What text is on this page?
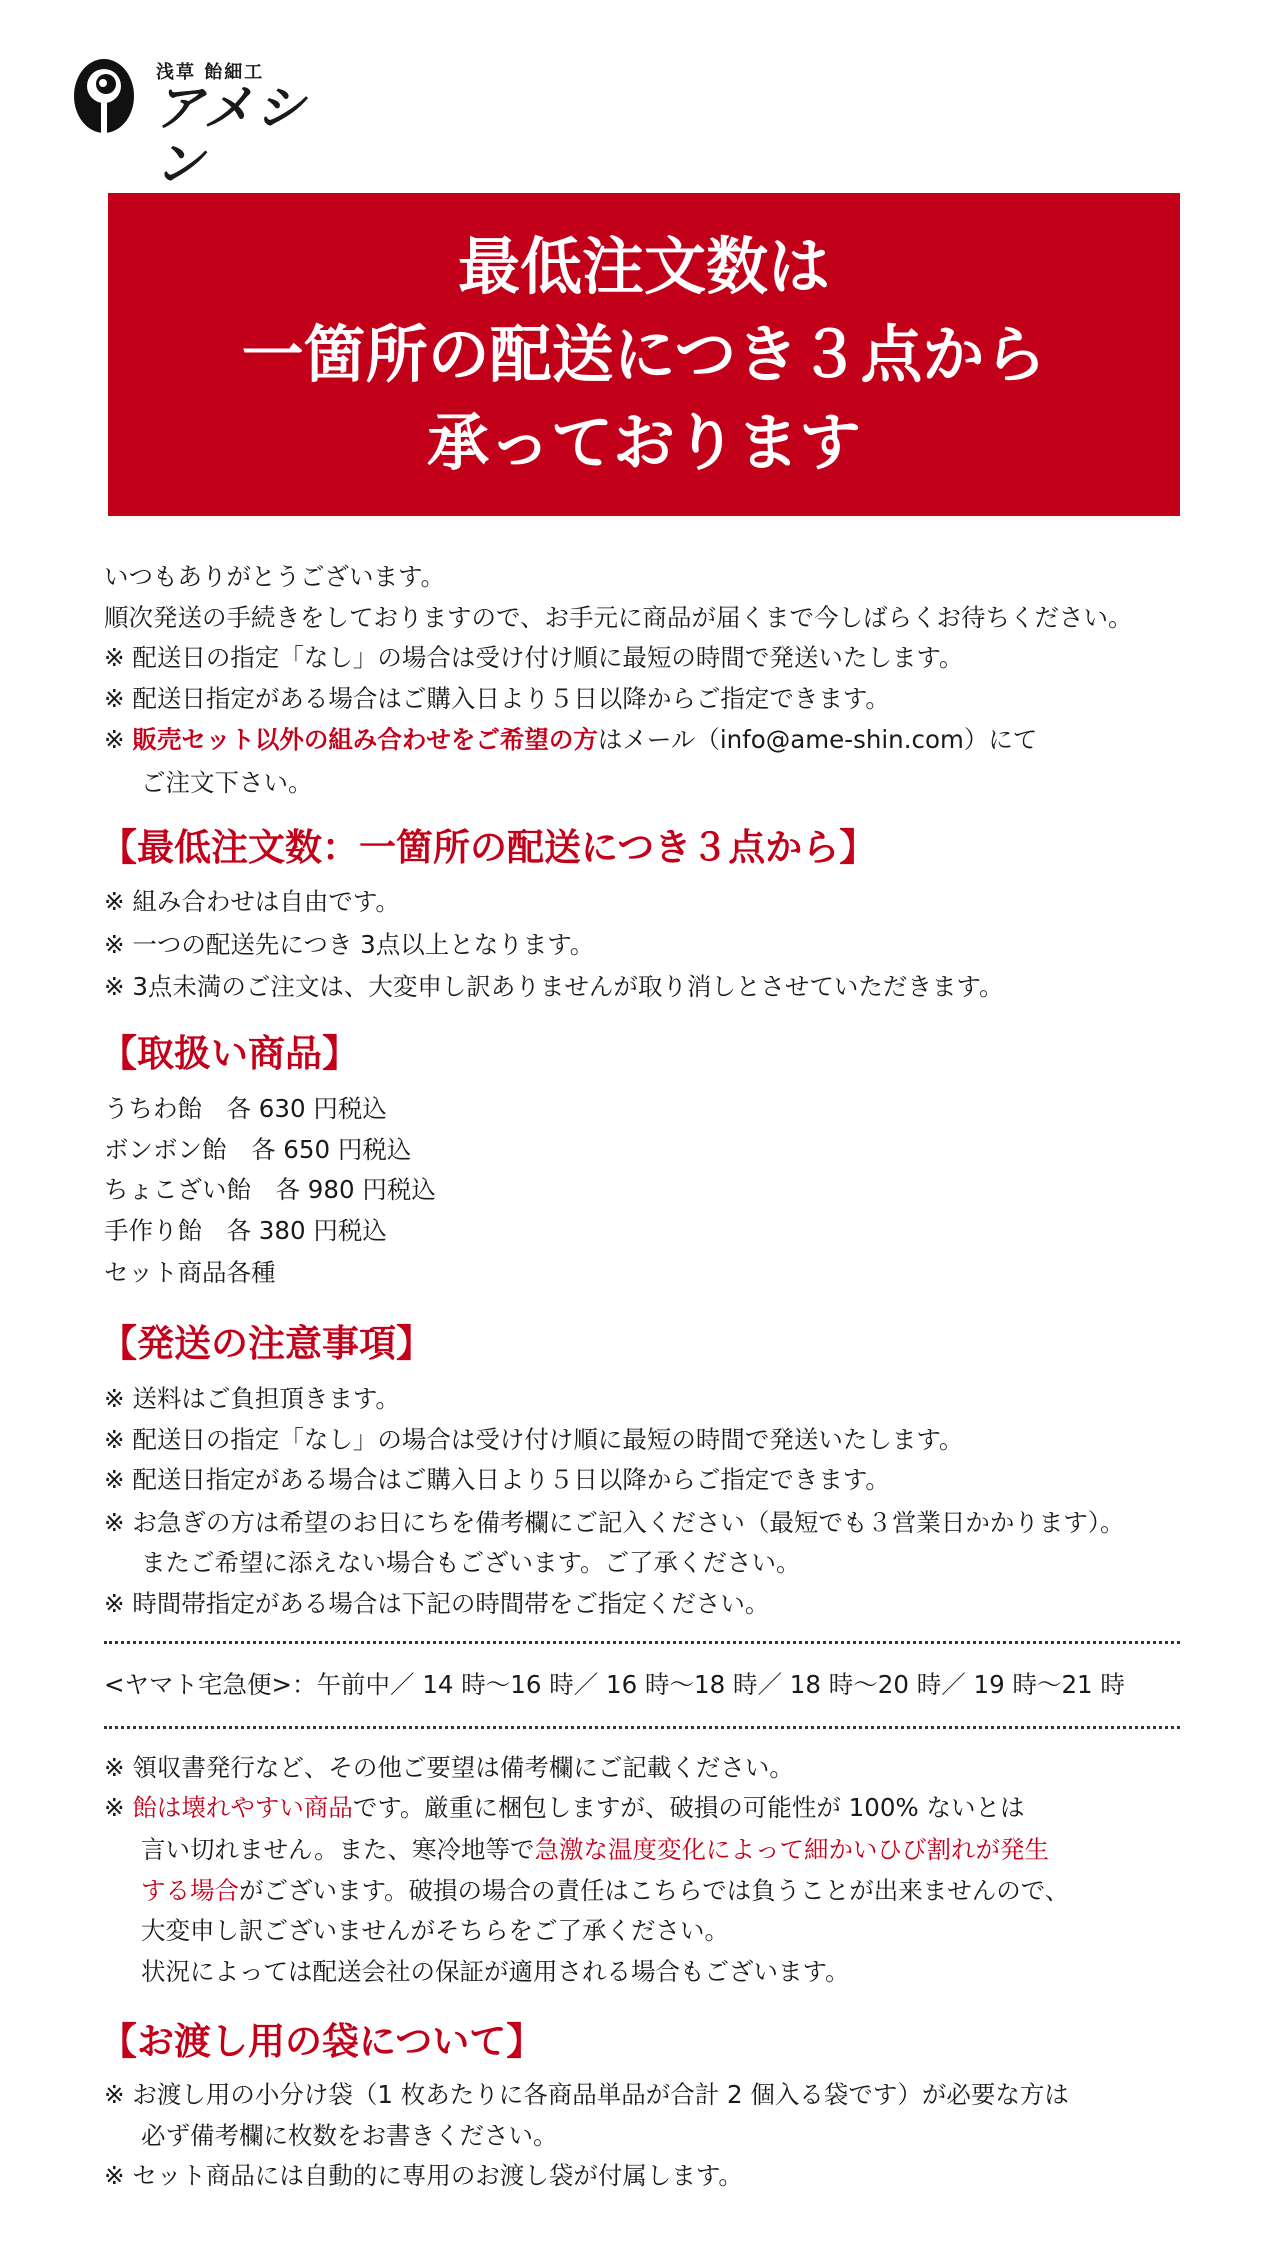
浅草 飴細工
アメシン
最低注文数は
一箇所の配送につき３点から
承っております
いつもありがとうございます。
順次発送の手続きをしておりますので、お手元に商品が届くまで今しばらくお待ちください。
※ 配送日の指定「なし」の場合は受け付け順に最短の時間で発送いたします。
※ 配送日指定がある場合はご購入日より５日以降からご指定できます。
※ 販売セット以外の組み合わせをご希望の方はメール（info@ame-shin.com）にて
ご注文下さい。
【最低注文数：一箇所の配送につき３点から】
※ 組み合わせは自由です。
※ 一つの配送先につき 3点以上となります。
※ 3点未満のご注文は、大変申し訳ありませんが取り消しとさせていただきます。
【取扱い商品】
うちわ飴　各 630 円税込
ボンボン飴　各 650 円税込
ちょこざい飴　各 980 円税込
手作り飴　各 380 円税込
セット商品各種
【発送の注意事項】
※ 送料はご負担頂きます。
※ 配送日の指定「なし」の場合は受け付け順に最短の時間で発送いたします。
※ 配送日指定がある場合はご購入日より５日以降からご指定できます。
※ お急ぎの方は希望のお日にちを備考欄にご記入ください（最短でも３営業日かかります）。
またご希望に添えない場合もございます。ご了承ください。
※ 時間帯指定がある場合は下記の時間帯をご指定ください。
<ヤマト宅急便>：午前中／ 14 時〜16 時／ 16 時〜18 時／ 18 時〜20 時／ 19 時〜21 時
※ 領収書発行など、その他ご要望は備考欄にご記載ください。
※ 飴は壊れやすい商品です。厳重に梱包しますが、破損の可能性が 100% ないとは
言い切れません。また、寒冷地等で急激な温度変化によって細かいひび割れが発生
する場合がございます。破損の場合の責任はこちらでは負うことが出来ませんので、
大変申し訳ございませんがそちらをご了承ください。
状況によっては配送会社の保証が適用される場合もございます。
【お渡し用の袋について】
※ お渡し用の小分け袋（1 枚あたりに各商品単品が合計 2 個入る袋です）が必要な方は
必ず備考欄に枚数をお書きください。
※ セット商品には自動的に専用のお渡し袋が付属します。
